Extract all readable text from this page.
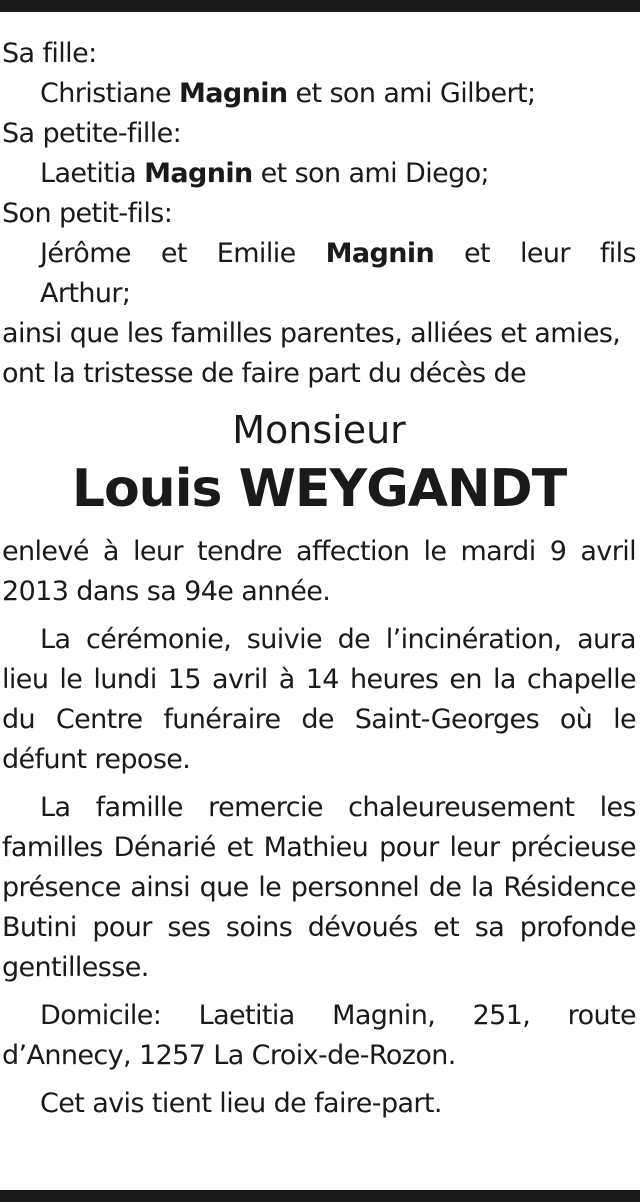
Sa fille:

Christiane Magnin et son ami Gilbert;

Sa petite-fille:

Laetitia Magnin et son ami Diego;

Son petit-fils:

Jérôme et Emilie Magnin et leur fils

Arthur;

ainsi que les familles parentes, alliées et amies,

ont la tristesse de faire part du décès de

Monsieur
Louis WEYGANDT

enlevé à leur tendre affection le mardi 9 avril 2013 dans sa 94e année.

La cérémonie, suivie de l’incinération, aura lieu le lundi 15 avril à 14 heures en la chapelle du Centre funéraire de Saint-Georges où le défunt repose.

La famille remercie chaleureusement les familles Dénarié et Mathieu pour leur précieuse présence ainsi que le personnel de la Résidence Butini pour ses soins dévoués et sa profonde gentillesse.

Domicile: Laetitia Magnin, 251, route d’Annecy, 1257 La Croix-de-Rozon.

Cet avis tient lieu de faire-part.
